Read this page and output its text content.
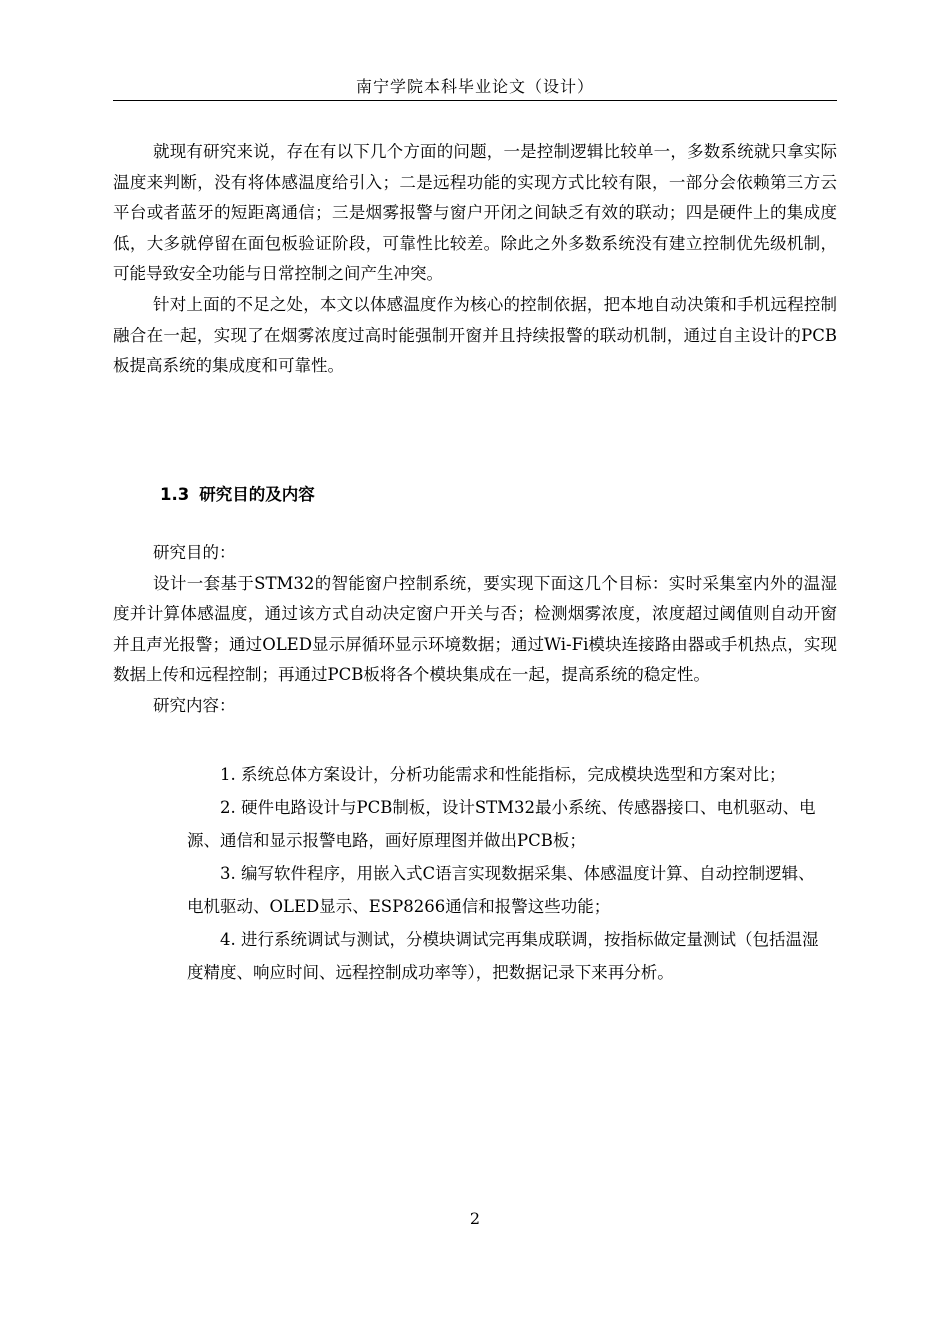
南宁学院本科毕业论文（设计）

就现有研究来说，存在有以下几个方面的问题，一是控制逻辑比较单一，多数系统就只拿实际温度来判断，没有将体感温度给引入；二是远程功能的实现方式比较有限，一部分会依赖第三方云平台或者蓝牙的短距离通信；三是烟雾报警与窗户开闭之间缺乏有效的联动；四是硬件上的集成度低，大多就停留在面包板验证阶段，可靠性比较差。除此之外多数系统没有建立控制优先级机制，可能导致安全功能与日常控制之间产生冲突。

针对上面的不足之处，本文以体感温度作为核心的控制依据，把本地自动决策和手机远程控制融合在一起，实现了在烟雾浓度过高时能强制开窗并且持续报警的联动机制，通过自主设计的PCB板提高系统的集成度和可靠性。

1.3 研究目的及内容

研究目的：

设计一套基于STM32的智能窗户控制系统，要实现下面这几个目标：实时采集室内外的温湿度并计算体感温度，通过该方式自动决定窗户开关与否；检测烟雾浓度，浓度超过阈值则自动开窗并且声光报警；通过OLED显示屏循环显示环境数据；通过Wi-Fi模块连接路由器或手机热点，实现数据上传和远程控制；再通过PCB板将各个模块集成在一起，提高系统的稳定性。

研究内容：

1. 系统总体方案设计，分析功能需求和性能指标，完成模块选型和方案对比；

2. 硬件电路设计与PCB制板，设计STM32最小系统、传感器接口、电机驱动、电源、通信和显示报警电路，画好原理图并做出PCB板；

3. 编写软件程序，用嵌入式C语言实现数据采集、体感温度计算、自动控制逻辑、电机驱动、OLED显示、ESP8266通信和报警这些功能；

4. 进行系统调试与测试，分模块调试完再集成联调，按指标做定量测试（包括温湿度精度、响应时间、远程控制成功率等），把数据记录下来再分析。

2
